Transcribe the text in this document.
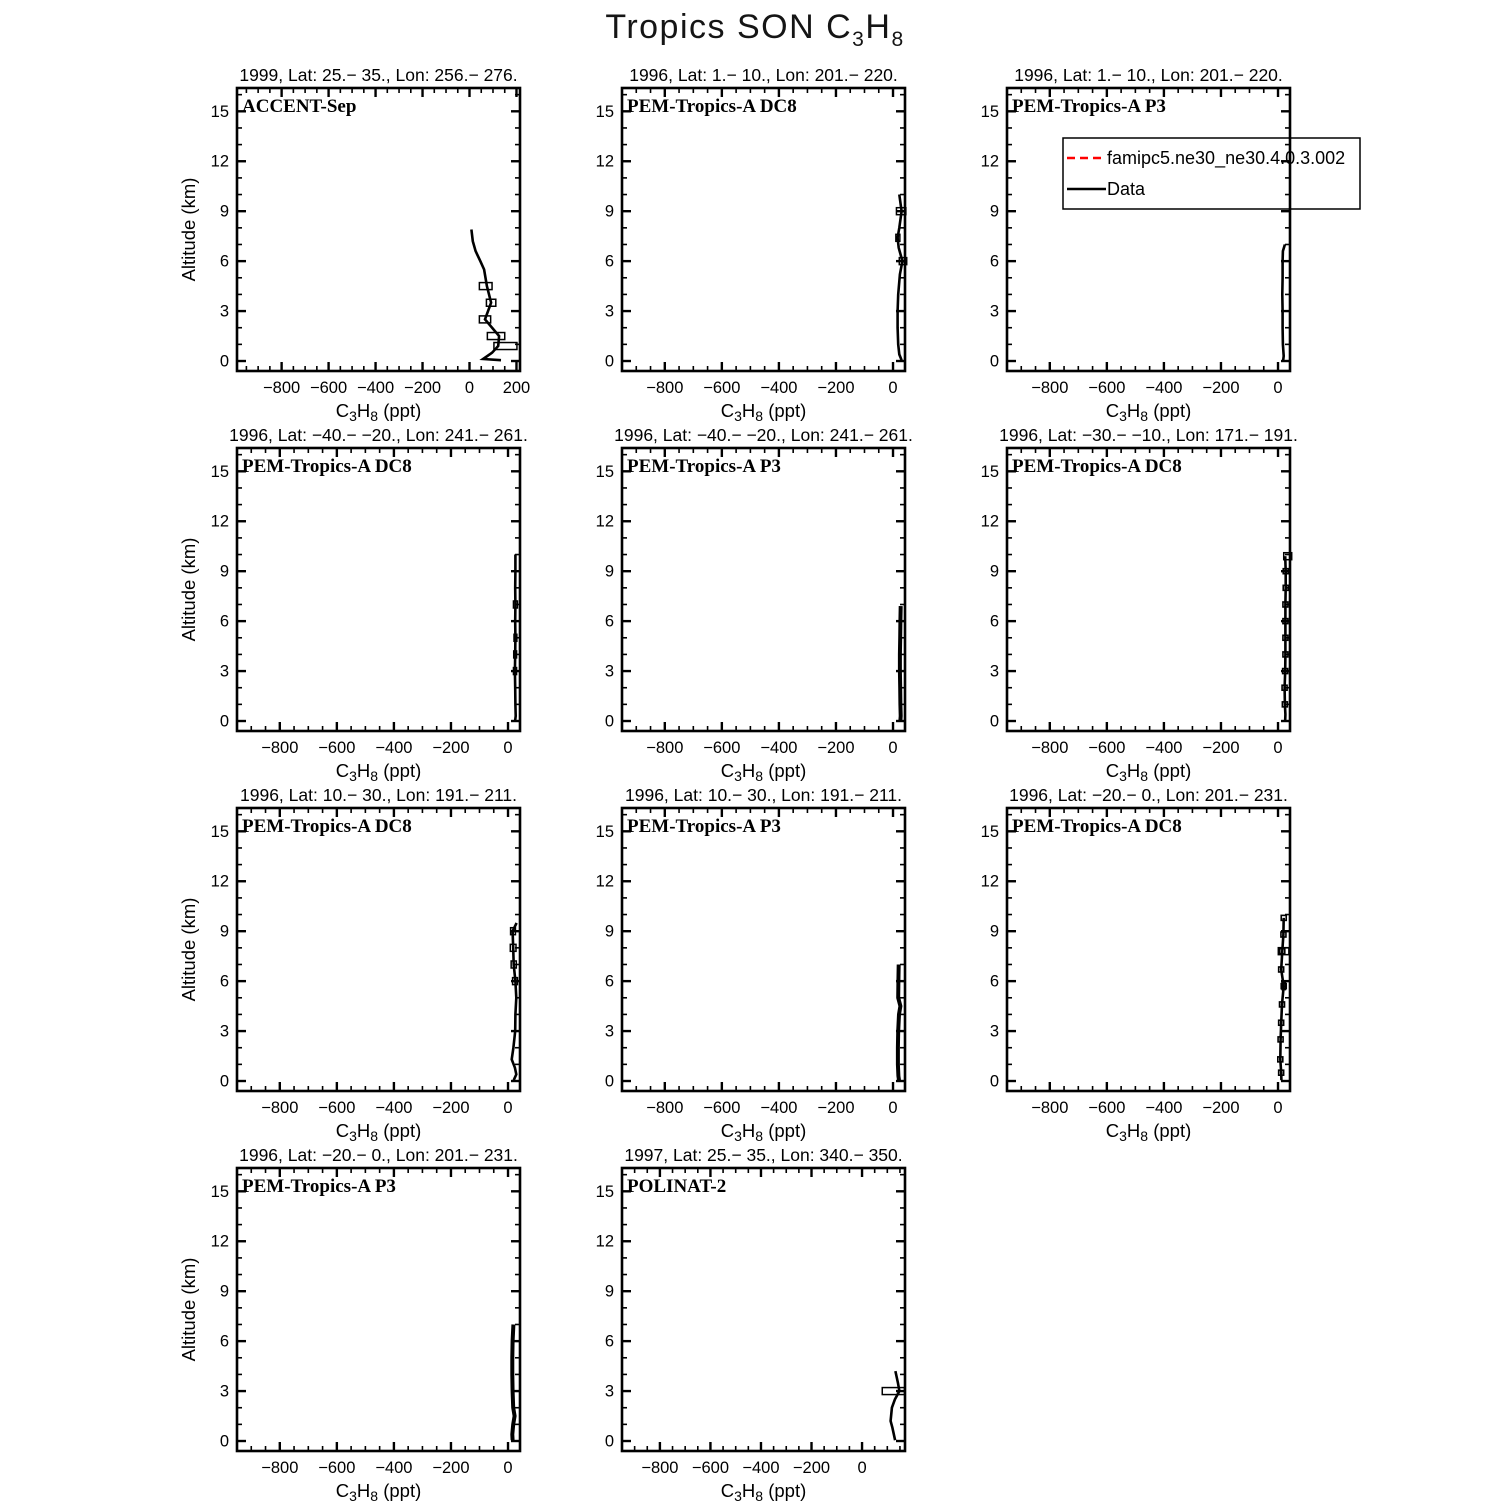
Tropics SON $C_3H_8$
1999, Lat: 25.− 35., Lon: 256.− 276.
−800 −600 −400 −200 0 200
0
3
6
9
12
15
$C_3H_8$ (ppt)
Altitude (km)
ACCENT-Sep
1996, Lat: 1.− 10., Lon: 201.− 220.
−800 −600 −400 −200 0
0
3
6
9
12
15
$C_3H_8$ (ppt)
PEM-Tropics-A DC8
1996, Lat: 1.− 10., Lon: 201.− 220.
−800 −600 −400 −200 0
0
3
6
9
12
15
$C_3H_8$ (ppt)
PEM-Tropics-A P3
1996, Lat: −40.− −20., Lon: 241.− 261.
−800 −600 −400 −200 0
0
3
6
9
12
15
$C_3H_8$ (ppt)
Altitude (km)
PEM-Tropics-A DC8
1996, Lat: −40.− −20., Lon: 241.− 261.
−800 −600 −400 −200 0
0
3
6
9
12
15
$C_3H_8$ (ppt)
PEM-Tropics-A P3
1996, Lat: −30.− −10., Lon: 171.− 191.
−800 −600 −400 −200 0
0
3
6
9
12
15
$C_3H_8$ (ppt)
PEM-Tropics-A DC8
1996, Lat: 10.− 30., Lon: 191.− 211.
−800 −600 −400 −200 0
0
3
6
9
12
15
$C_3H_8$ (ppt)
Altitude (km)
PEM-Tropics-A DC8
1996, Lat: 10.− 30., Lon: 191.− 211.
−800 −600 −400 −200 0
0
3
6
9
12
15
$C_3H_8$ (ppt)
PEM-Tropics-A P3
1996, Lat: −20.− 0., Lon: 201.− 231.
−800 −600 −400 −200 0
0
3
6
9
12
15
$C_3H_8$ (ppt)
PEM-Tropics-A DC8
1996, Lat: −20.− 0., Lon: 201.− 231.
−800 −600 −400 −200 0
0
3
6
9
12
15
$C_3H_8$ (ppt)
Altitude (km)
PEM-Tropics-A P3
1997, Lat: 25.− 35., Lon: 340.− 350.
−800 −600 −400 −200 0
0
3
6
9
12
15
$C_3H_8$ (ppt)
POLINAT-2
famipc5.ne30_ne30.4.0.3.002
Data
